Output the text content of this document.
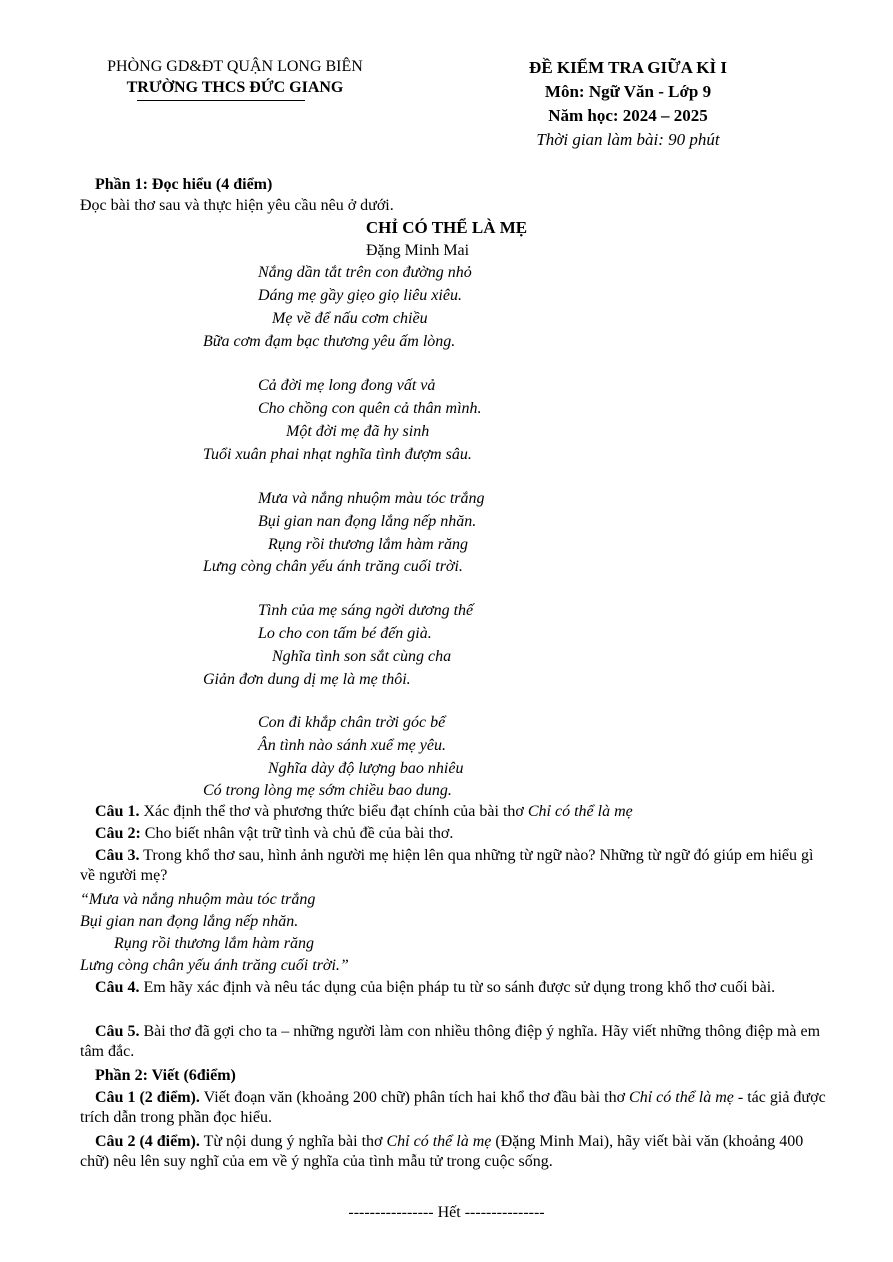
PHÒNG GD&ĐT QUẬN LONG BIÊN
TRƯỜNG THCS ĐỨC GIANG
ĐỀ KIỂM TRA GIỮA KÌ I
Môn: Ngữ Văn - Lớp 9
Năm học: 2024 – 2025
Thời gian làm bài: 90 phút
Phần 1: Đọc hiểu (4 điểm)
Đọc bài thơ sau và thực hiện yêu cầu nêu ở dưới.
CHỈ CÓ THỂ LÀ MẸ
Đặng Minh Mai
Nắng dần tắt trên con đường nhỏ
Dáng mẹ gầy giẹo giọ liêu xiêu.
Mẹ về để nấu cơm chiều
Bữa cơm đạm bạc thương yêu ấm lòng.
Cả đời mẹ long đong vất vả
Cho chồng con quên cả thân mình.
Một đời mẹ đã hy sinh
Tuổi xuân phai nhạt nghĩa tình đượm sâu.
Mưa và nắng nhuộm màu tóc trắng
Bụi gian nan đọng lắng nếp nhăn.
Rụng rồi thương lắm hàm răng
Lưng còng chân yếu ánh trăng cuối trời.
Tình của mẹ sáng ngời dương thế
Lo cho con tấm bé đến già.
Nghĩa tình son sắt cùng cha
Giản đơn dung dị mẹ là mẹ thôi.
Con đi khắp chân trời góc bể
Ân tình nào sánh xuể mẹ yêu.
Nghĩa dày độ lượng bao nhiêu
Có trong lòng mẹ sớm chiều bao dung.
Câu 1. Xác định thể thơ và phương thức biểu đạt chính của bài thơ Chỉ có thể là mẹ
Câu 2: Cho biết nhân vật trữ tình và chủ đề của bài thơ.
Câu 3. Trong khổ thơ sau, hình ảnh người mẹ hiện lên qua những từ ngữ nào? Những từ ngữ đó giúp em hiểu gì về người mẹ?
“Mưa và nắng nhuộm màu tóc trắng
Bụi gian nan đọng lắng nếp nhăn.
Rụng rồi thương lắm hàm răng
Lưng còng chân yếu ánh trăng cuối trời.”
Câu 4. Em hãy xác định và nêu tác dụng của biện pháp tu từ so sánh được sử dụng trong khổ thơ cuối bài.
Câu 5. Bài thơ đã gợi cho ta – những người làm con nhiều thông điệp ý nghĩa. Hãy viết những thông điệp mà em tâm đắc.
Phần 2: Viết (6điểm)
Câu 1 (2 điểm). Viết đoạn văn (khoảng 200 chữ) phân tích hai khổ thơ đầu bài thơ Chỉ có thể là mẹ - tác giả được trích dẫn trong phần đọc hiểu.
Câu 2 (4 điểm). Từ nội dung ý nghĩa bài thơ Chỉ có thể là mẹ (Đặng Minh Mai), hãy viết bài văn (khoảng 400 chữ) nêu lên suy nghĩ của em về ý nghĩa của tình mẫu tử trong cuộc sống.
---------------- Hết ---------------
